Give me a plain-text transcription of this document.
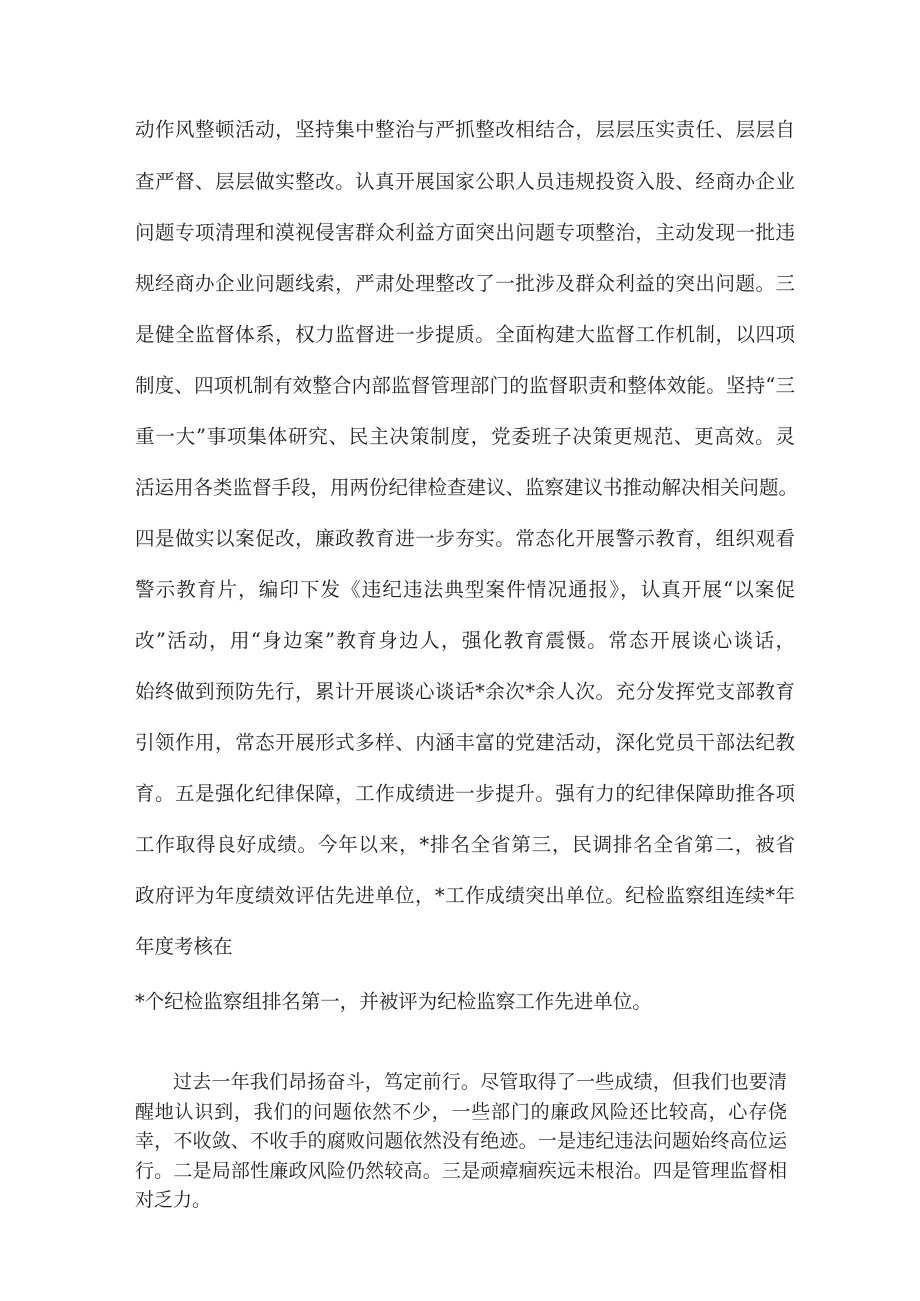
动作风整顿活动，坚持集中整治与严抓整改相结合，层层压实责任、层层自

查严督、层层做实整改。认真开展国家公职人员违规投资入股、经商办企业

问题专项清理和漠视侵害群众利益方面突出问题专项整治，主动发现一批违

规经商办企业问题线索，严肃处理整改了一批涉及群众利益的突出问题。三

是健全监督体系，权力监督进一步提质。全面构建大监督工作机制，以四项

制度、四项机制有效整合内部监督管理部门的监督职责和整体效能。坚持“三

重一大”事项集体研究、民主决策制度，党委班子决策更规范、更高效。灵

活运用各类监督手段，用两份纪律检查建议、监察建议书推动解决相关问题。

四是做实以案促改，廉政教育进一步夯实。常态化开展警示教育，组织观看

警示教育片，编印下发《违纪违法典型案件情况通报》，认真开展“以案促

改”活动，用“身边案”教育身边人，强化教育震慑。常态开展谈心谈话，

始终做到预防先行，累计开展谈心谈话*余次*余人次。充分发挥党支部教育

引领作用，常态开展形式多样、内涵丰富的党建活动，深化党员干部法纪教

育。五是强化纪律保障，工作成绩进一步提升。强有力的纪律保障助推各项

工作取得良好成绩。今年以来，*排名全省第三，民调排名全省第二，被省

政府评为年度绩效评估先进单位，*工作成绩突出单位。纪检监察组连续*年

年度考核在

*个纪检监察组排名第一，并被评为纪检监察工作先进单位。

过去一年我们昂扬奋斗，笃定前行。尽管取得了一些成绩，但我们也要清醒地认识到，我们的问题依然不少，一些部门的廉政风险还比较高，心存侥幸，不收敛、不收手的腐败问题依然没有绝迹。一是违纪违法问题始终高位运行。二是局部性廉政风险仍然较高。三是顽瘴痼疾远未根治。四是管理监督相对乏力。
